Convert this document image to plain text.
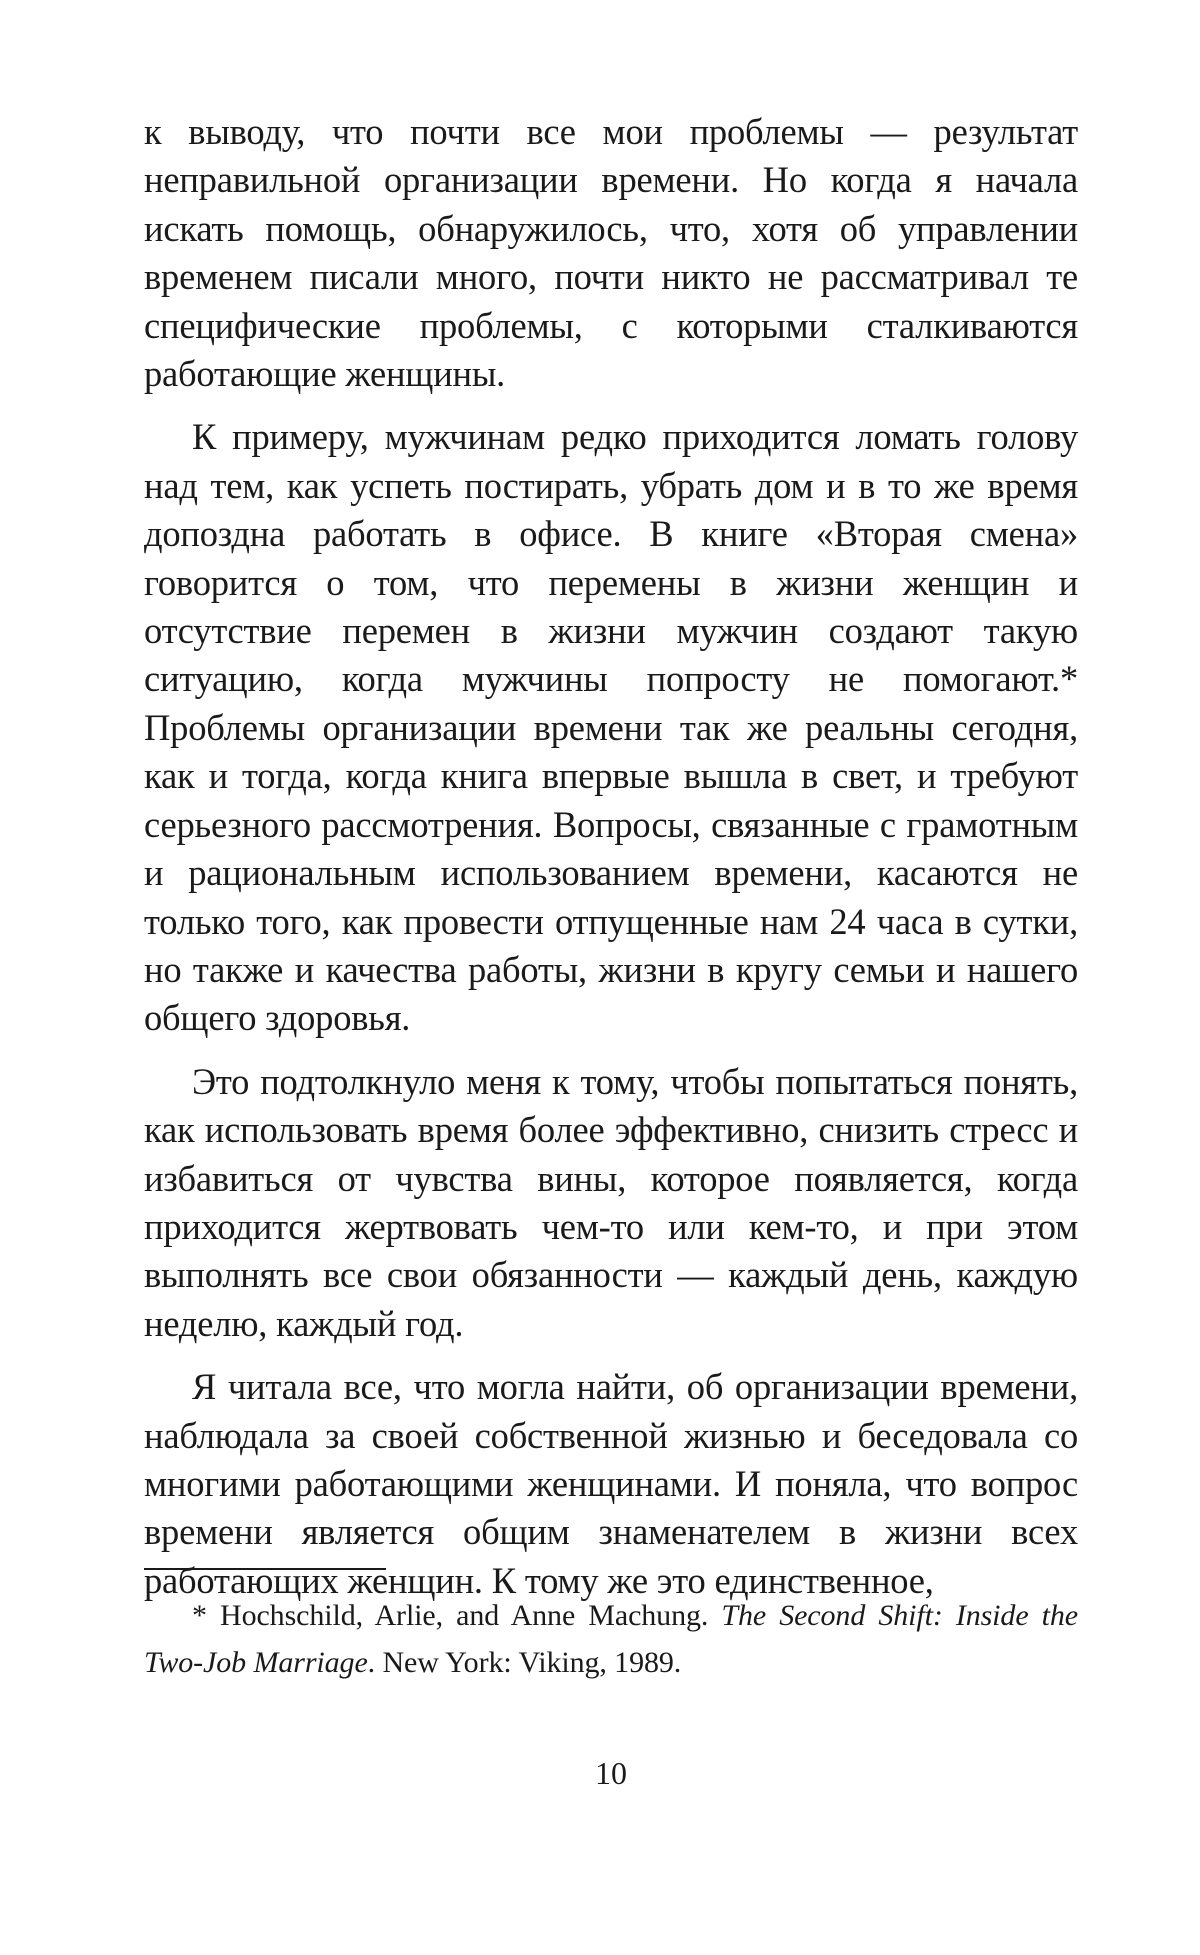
к выводу, что почти все мои проблемы — результат неправильной организации времени. Но когда я начала искать помощь, обнаружилось, что, хотя об управлении временем писали много, почти никто не рассматривал те специфические проблемы, с которыми сталкиваются работающие женщины.

К примеру, мужчинам редко приходится ломать голову над тем, как успеть постирать, убрать дом и в то же время допоздна работать в офисе. В книге «Вторая смена» говорится о том, что перемены в жизни женщин и отсутствие перемен в жизни мужчин создают такую ситуацию, когда мужчины попросту не помогают.* Проблемы организации времени так же реальны сегодня, как и тогда, когда книга впервые вышла в свет, и требуют серьезного рассмотрения. Вопросы, связанные с грамотным и рациональным использованием времени, касаются не только того, как провести отпущенные нам 24 часа в сутки, но также и качества работы, жизни в кругу семьи и нашего общего здоровья.

Это подтолкнуло меня к тому, чтобы попытаться понять, как использовать время более эффективно, снизить стресс и избавиться от чувства вины, которое появляется, когда приходится жертвовать чем-то или кем-то, и при этом выполнять все свои обязанности — каждый день, каждую неделю, каждый год.

Я читала все, что могла найти, об организации времени, наблюдала за своей собственной жизнью и беседовала со многими работающими женщинами. И поняла, что вопрос времени является общим знаменателем в жизни всех работающих женщин. К тому же это единственное,

* Hochschild, Arlie, and Anne Machung. The Second Shift: Inside the Two-Job Marriage. New York: Viking, 1989.

10
